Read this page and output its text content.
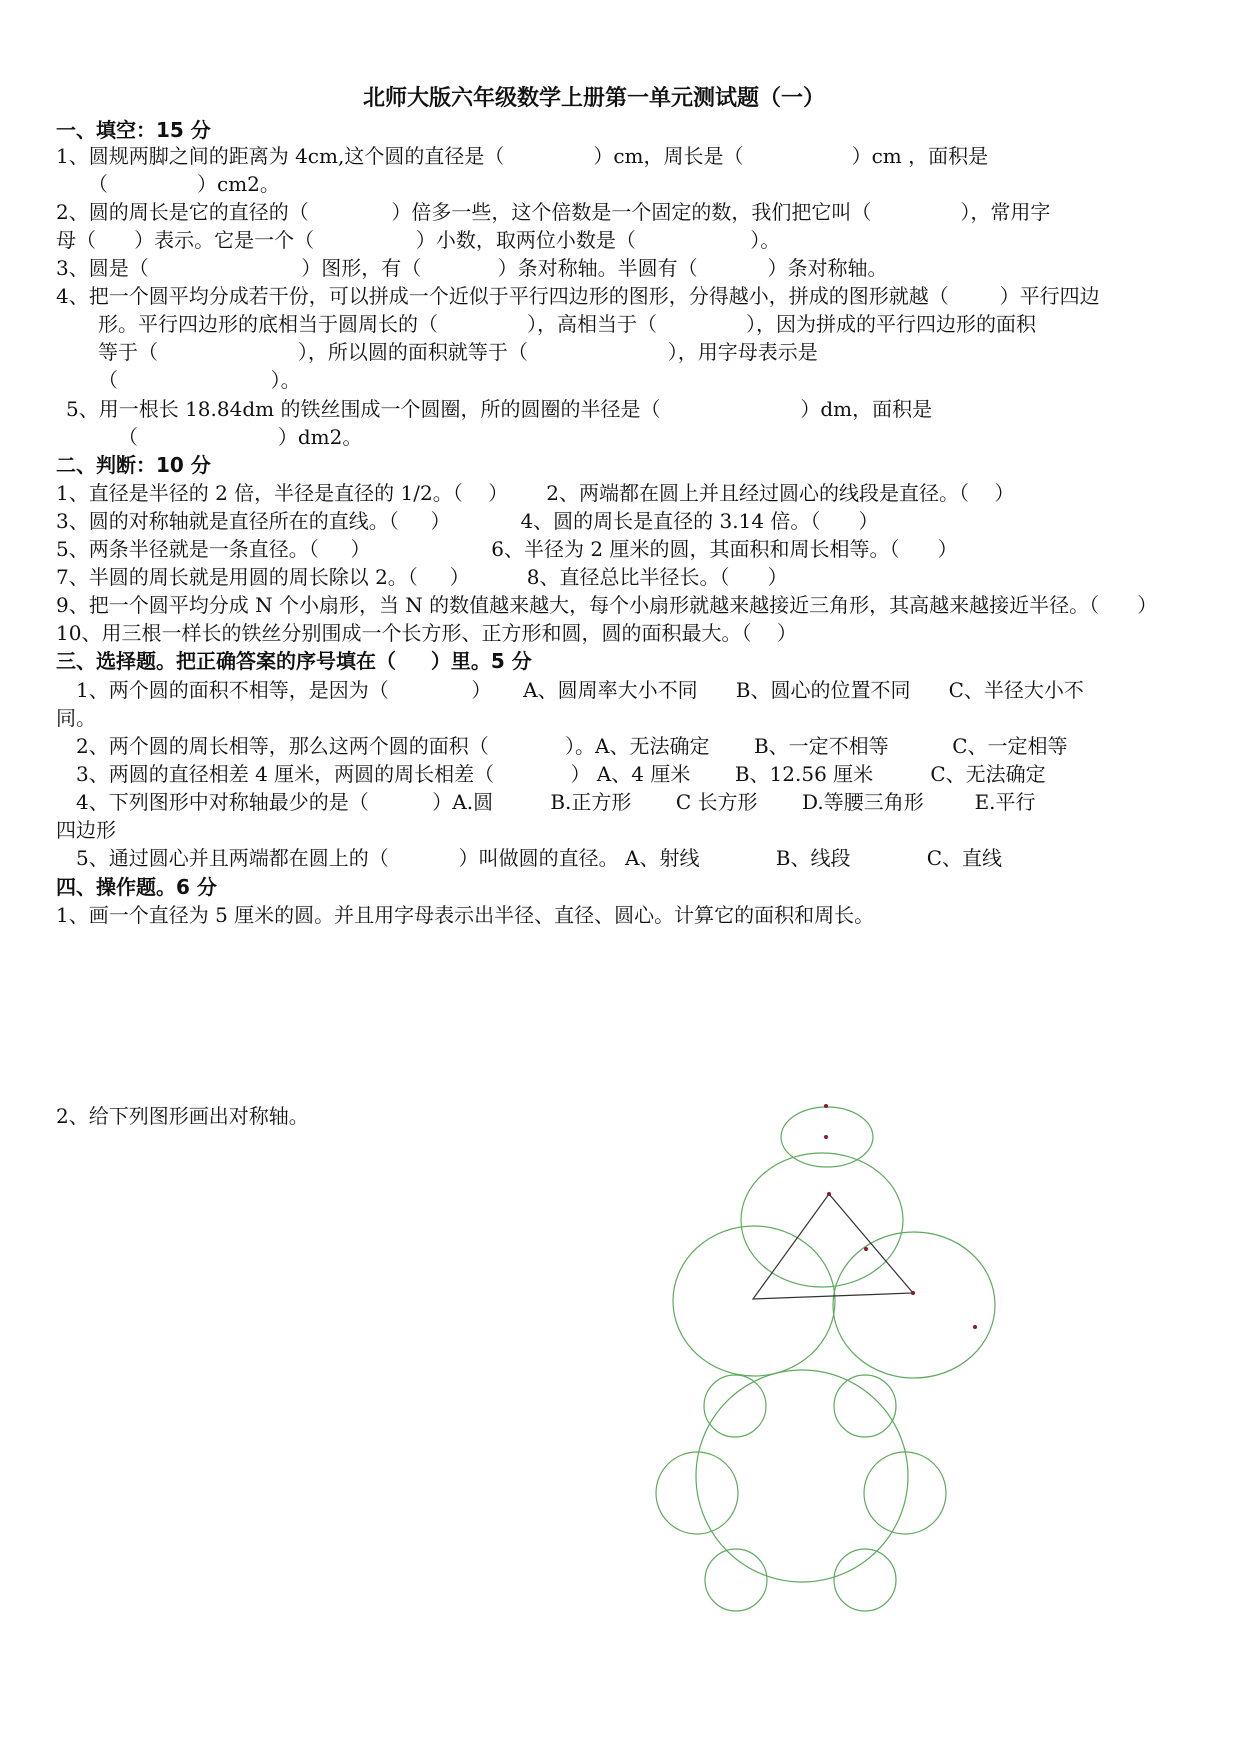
北师大版六年级数学上册第一单元测试题（一）
一、填空：15 分
1、圆规两脚之间的距离为 4cm,这个圆的直径是（              ）cm，周长是（                 ）cm ，面积是
（              ）cm2。
2、圆的周长是它的直径的（             ）倍多一些，这个倍数是一个固定的数，我们把它叫（              ），常用字
母（      ）表示。它是一个（                ）小数，取两位小数是（                  ）。
3、圆是（                        ）图形，有（            ）条对称轴。半圆有（           ）条对称轴。
4、把一个圆平均分成若干份，可以拼成一个近似于平行四边形的图形，分得越小，拼成的图形就越（        ）平行四边
形。平行四边形的底相当于圆周长的（              ），高相当于（              ），因为拼成的平行四边形的面积
等于（                      ），所以圆的面积就等于（                      ），用字母表示是
（                        ）。
5、用一根长 18.84dm 的铁丝围成一个圆圈，所的圆圈的半径是（                      ）dm，面积是
（                      ）dm2。
二、判断：10 分
1、直径是半径的 2 倍，半径是直径的 1/2。（    ）      2、两端都在圆上并且经过圆心的线段是直径。（    ）
3、圆的对称轴就是直径所在的直线。（     ）           4、圆的周长是直径的 3.14 倍。（      ）
5、两条半径就是一条直径。（     ）                   6、半径为 2 厘米的圆，其面积和周长相等。（      ）
7、半圆的周长就是用圆的周长除以 2。（     ）         8、直径总比半径长。（      ）
9、把一个圆平均分成 N 个小扇形，当 N 的数值越来越大，每个小扇形就越来越接近三角形，其高越来越接近半径。（      ）
10、用三根一样长的铁丝分别围成一个长方形、正方形和圆，圆的面积最大。（    ）
三、选择题。把正确答案的序号填在（     ）里。5 分
1、两个圆的面积不相等，是因为（             ）     A、圆周率大小不同      B、圆心的位置不同      C、半径大小不
同。
2、两个圆的周长相等，那么这两个圆的面积（            ）。A、无法确定       B、一定不相等          C、一定相等
3、两圆的直径相差 4 厘米，两圆的周长相差（            ） A、4 厘米       B、12.56 厘米         C、无法确定
4、下列图形中对称轴最少的是（          ）A.圆         B.正方形       C 长方形       D.等腰三角形        E.平行
四边形
5、通过圆心并且两端都在圆上的（           ）叫做圆的直径。 A、射线            B、线段            C、直线
四、操作题。6 分
1、画一个直径为 5 厘米的圆。并且用字母表示出半径、直径、圆心。计算它的面积和周长。
2、给下列图形画出对称轴。
